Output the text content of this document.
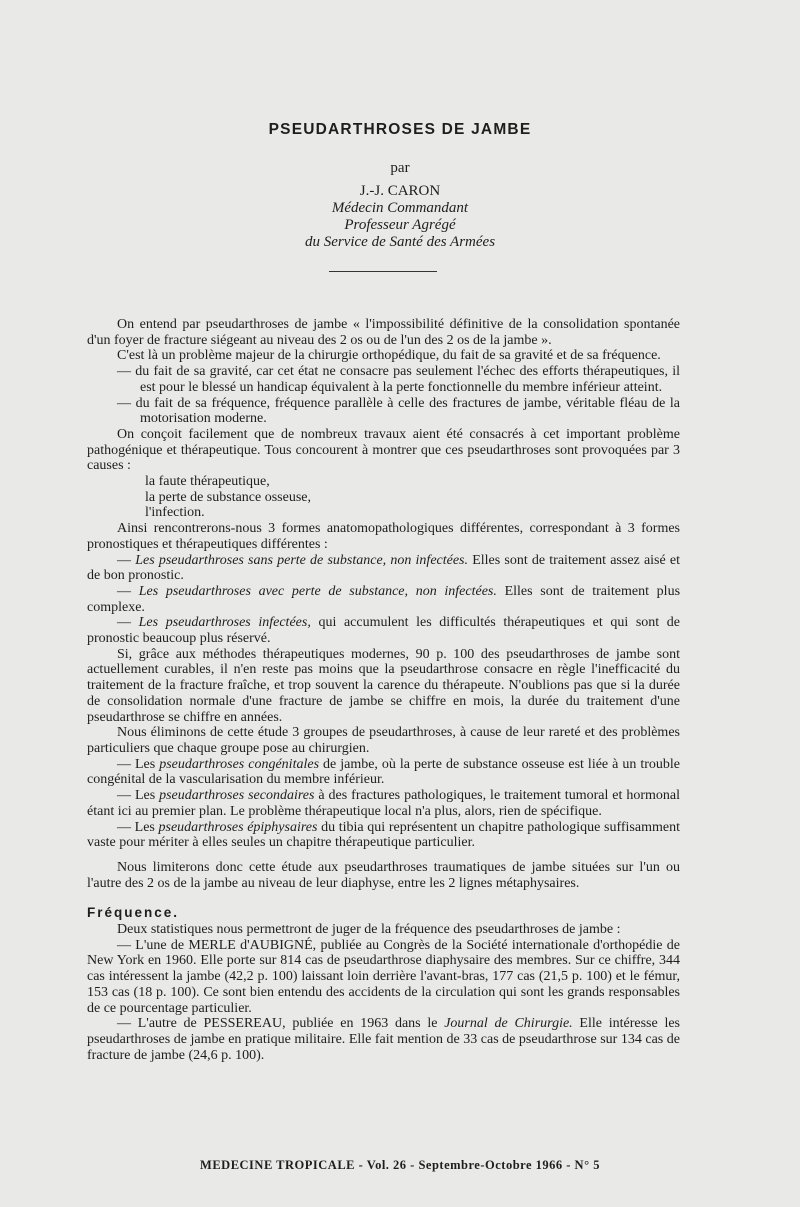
PSEUDARTHROSES DE JAMBE
par
J.-J. CARON
Médecin Commandant
Professeur Agrégé
du Service de Santé des Armées

On entend par pseudarthroses de jambe « l'impossibilité définitive de la consolidation spontanée d'un foyer de fracture siégeant au niveau des 2 os ou de l'un des 2 os de la jambe ».

C'est là un problème majeur de la chirurgie orthopédique, du fait de sa gravité et de sa fréquence.

— du fait de sa gravité, car cet état ne consacre pas seulement l'échec des efforts thérapeutiques, il est pour le blessé un handicap équivalent à la perte fonctionnelle du membre inférieur atteint.

— du fait de sa fréquence, fréquence parallèle à celle des fractures de jambe, véritable fléau de la motorisation moderne.

On conçoit facilement que de nombreux travaux aient été consacrés à cet important problème pathogénique et thérapeutique. Tous concourent à montrer que ces pseudarthroses sont provoquées par 3 causes :

la faute thérapeutique,

la perte de substance osseuse,

l'infection.

Ainsi rencontrerons-nous 3 formes anatomopathologiques différentes, correspondant à 3 formes pronostiques et thérapeutiques différentes :

— Les pseudarthroses sans perte de substance, non infectées. Elles sont de traitement assez aisé et de bon pronostic.

— Les pseudarthroses avec perte de substance, non infectées. Elles sont de traitement plus complexe.

— Les pseudarthroses infectées, qui accumulent les difficultés thérapeutiques et qui sont de pronostic beaucoup plus réservé.

Si, grâce aux méthodes thérapeutiques modernes, 90 p. 100 des pseudarthroses de jambe sont actuellement curables, il n'en reste pas moins que la pseudarthrose consacre en règle l'inefficacité du traitement de la fracture fraîche, et trop souvent la carence du thérapeute. N'oublions pas que si la durée de consolidation normale d'une fracture de jambe se chiffre en mois, la durée du traitement d'une pseudarthrose se chiffre en années.

Nous éliminons de cette étude 3 groupes de pseudarthroses, à cause de leur rareté et des problèmes particuliers que chaque groupe pose au chirurgien.

— Les pseudarthroses congénitales de jambe, où la perte de substance osseuse est liée à un trouble congénital de la vascularisation du membre inférieur.

— Les pseudarthroses secondaires à des fractures pathologiques, le traitement tumoral et hormonal étant ici au premier plan. Le problème thérapeutique local n'a plus, alors, rien de spécifique.

— Les pseudarthroses épiphysaires du tibia qui représentent un chapitre pathologique suffisamment vaste pour mériter à elles seules un chapitre thérapeutique particulier.

Nous limiterons donc cette étude aux pseudarthroses traumatiques de jambe situées sur l'un ou l'autre des 2 os de la jambe au niveau de leur diaphyse, entre les 2 lignes métaphysaires.

Fréquence.

Deux statistiques nous permettront de juger de la fréquence des pseudarthroses de jambe :

— L'une de MERLE d'AUBIGNÉ, publiée au Congrès de la Société internationale d'orthopédie de New York en 1960. Elle porte sur 814 cas de pseudarthrose diaphysaire des membres. Sur ce chiffre, 344 cas intéressent la jambe (42,2 p. 100) laissant loin derrière l'avant-bras, 177 cas (21,5 p. 100) et le fémur, 153 cas (18 p. 100). Ce sont bien entendu des accidents de la circulation qui sont les grands responsables de ce pourcentage particulier.

— L'autre de PESSEREAU, publiée en 1963 dans le Journal de Chirurgie. Elle intéresse les pseudarthroses de jambe en pratique militaire. Elle fait mention de 33 cas de pseudarthrose sur 134 cas de fracture de jambe (24,6 p. 100).

MEDECINE TROPICALE - Vol. 26 - Septembre-Octobre 1966 - N° 5
